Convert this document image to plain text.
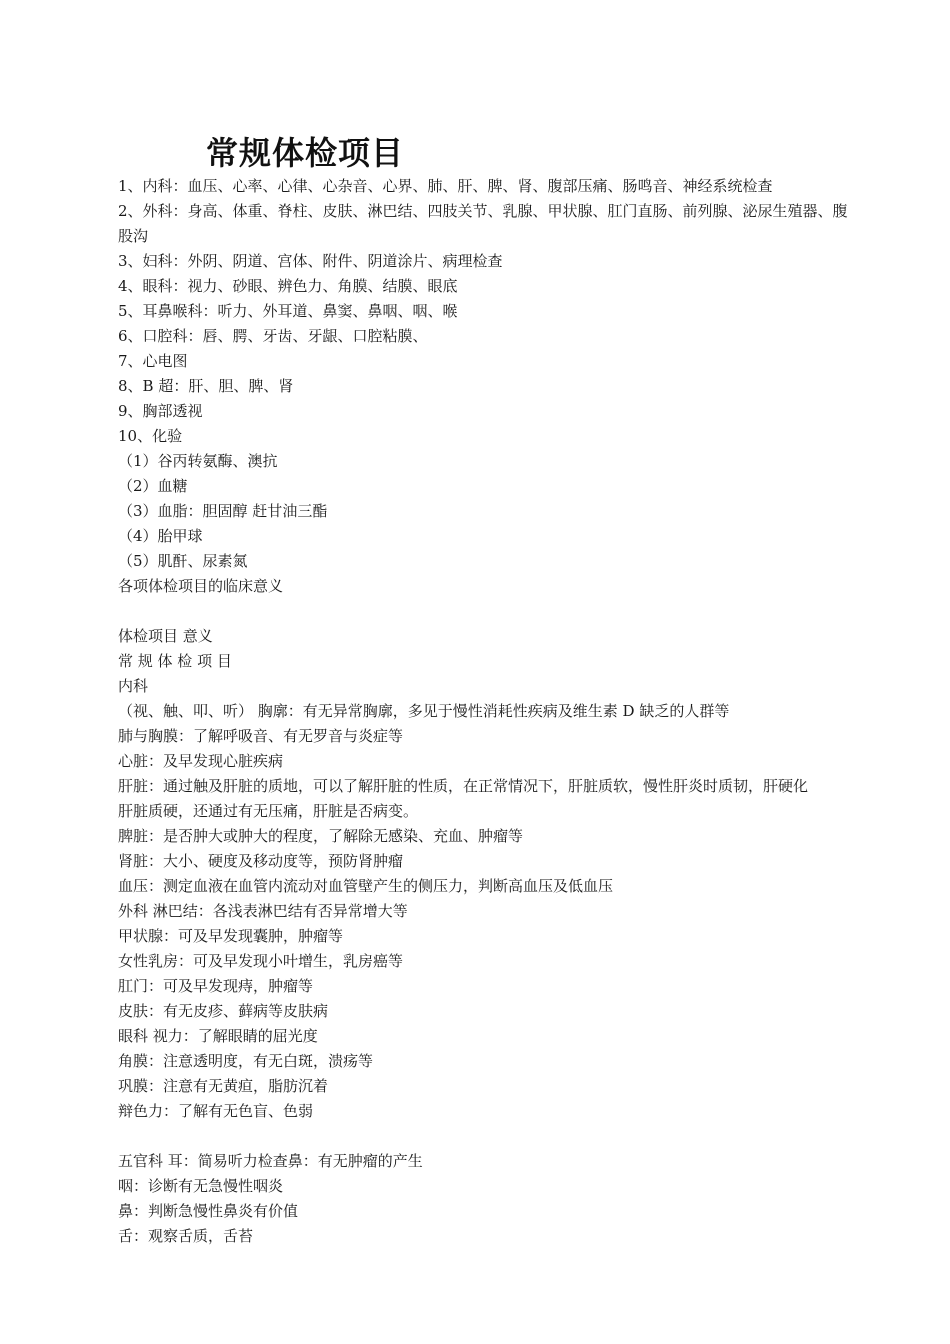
常规体检项目
1、内科：血压、心率、心律、心杂音、心界、肺、肝、脾、肾、腹部压痛、肠鸣音、神经系统检查
2、外科：身高、体重、脊柱、皮肤、淋巴结、四肢关节、乳腺、甲状腺、肛门直肠、前列腺、泌尿生殖器、腹
股沟
3、妇科：外阴、阴道、宫体、附件、阴道涂片、病理检查
4、眼科：视力、砂眼、辨色力、角膜、结膜、眼底
5、耳鼻喉科：听力、外耳道、鼻窦、鼻咽、咽、喉
6、口腔科：唇、腭、牙齿、牙龈、口腔粘膜、
7、心电图
8、B 超：肝、胆、脾、肾
9、胸部透视
10、化验
（1）谷丙转氨酶、澳抗
（2）血糖
（3）血脂：胆固醇 赶甘油三酯
（4）胎甲球
（5）肌酐、尿素氮
各项体检项目的临床意义
体检项目 意义
常 规 体 检 项 目
内科
（视、触、叩、听） 胸廓：有无异常胸廓，多见于慢性消耗性疾病及维生素 D 缺乏的人群等
肺与胸膜：了解呼吸音、有无罗音与炎症等
心脏：及早发现心脏疾病
肝脏：通过触及肝脏的质地，可以了解肝脏的性质，在正常情况下，肝脏质软，慢性肝炎时质韧，肝硬化
肝脏质硬，还通过有无压痛，肝脏是否病变。
脾脏：是否肿大或肿大的程度，了解除无感染、充血、肿瘤等
肾脏：大小、硬度及移动度等，预防肾肿瘤
血压：测定血液在血管内流动对血管壁产生的侧压力，判断高血压及低血压
外科 淋巴结：各浅表淋巴结有否异常增大等
甲状腺：可及早发现囊肿，肿瘤等
女性乳房：可及早发现小叶增生，乳房癌等
肛门：可及早发现痔，肿瘤等
皮肤：有无皮疹、藓病等皮肤病
眼科 视力：了解眼睛的屈光度
角膜：注意透明度，有无白斑，溃疡等
巩膜：注意有无黄疸，脂肪沉着
辩色力：了解有无色盲、色弱
五官科 耳：简易听力检查鼻：有无肿瘤的产生
咽：诊断有无急慢性咽炎
鼻：判断急慢性鼻炎有价值
舌：观察舌质，舌苔
